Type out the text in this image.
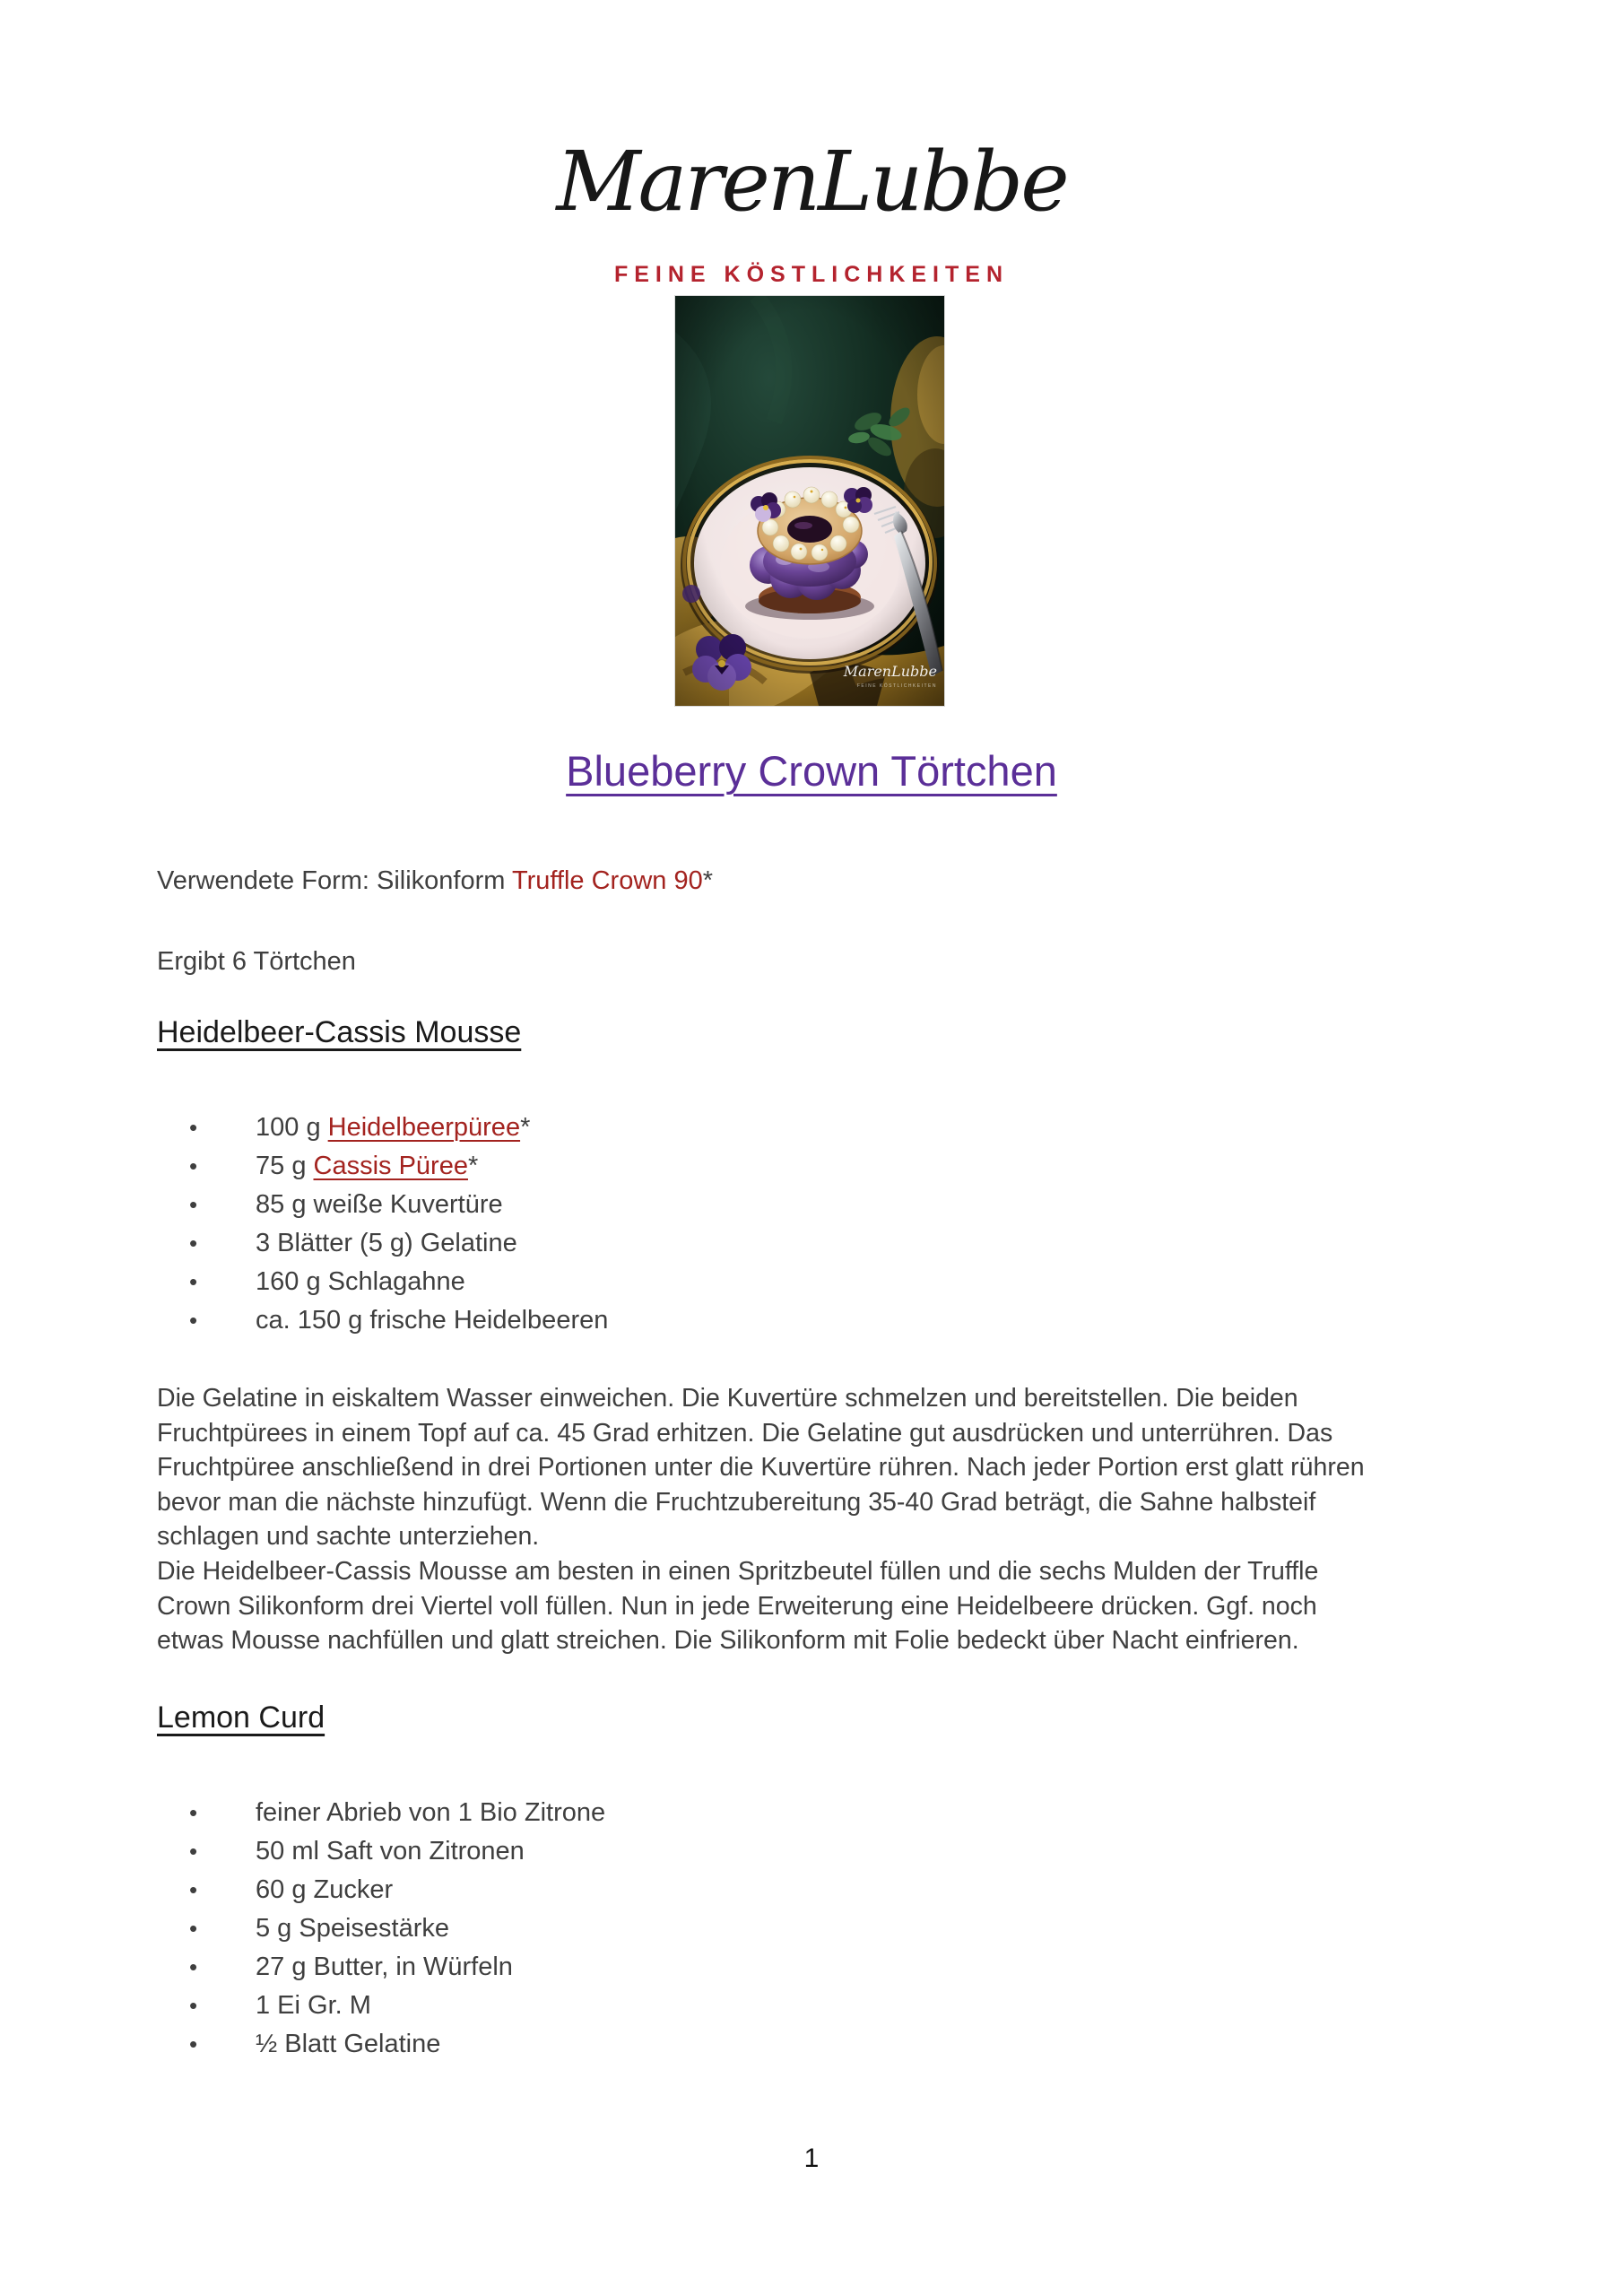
MarenLubbe
FEINE KÖSTLICHKEITEN
MarenLubbe
FEINE KÖSTLICHKEITEN
Blueberry Crown Törtchen
Verwendete Form: Silikonform Truffle Crown 90*
Ergibt 6 Törtchen
Heidelbeer-Cassis Mousse
• 100 g Heidelbeerpüree*
• 75 g Cassis Püree*
• 85 g weiße Kuvertüre
• 3 Blätter (5 g) Gelatine
• 160 g Schlagahne
• ca. 150 g frische Heidelbeeren
Die Gelatine in eiskaltem Wasser einweichen. Die Kuvertüre schmelzen und bereitstellen. Die beiden
Fruchtpürees in einem Topf auf ca. 45 Grad erhitzen. Die Gelatine gut ausdrücken und unterrühren. Das
Fruchtpüree anschließend in drei Portionen unter die Kuvertüre rühren. Nach jeder Portion erst glatt rühren
bevor man die nächste hinzufügt. Wenn die Fruchtzubereitung 35-40 Grad beträgt, die Sahne halbsteif
schlagen und sachte unterziehen.
Die Heidelbeer-Cassis Mousse am besten in einen Spritzbeutel füllen und die sechs Mulden der Truffle
Crown Silikonform drei Viertel voll füllen. Nun in jede Erweiterung eine Heidelbeere drücken. Ggf. noch
etwas Mousse nachfüllen und glatt streichen. Die Silikonform mit Folie bedeckt über Nacht einfrieren.
Lemon Curd
• feiner Abrieb von 1 Bio Zitrone
• 50 ml Saft von Zitronen
• 60 g Zucker
• 5 g Speisestärke
• 27 g Butter, in Würfeln
• 1 Ei Gr. M
• ½ Blatt Gelatine
1
